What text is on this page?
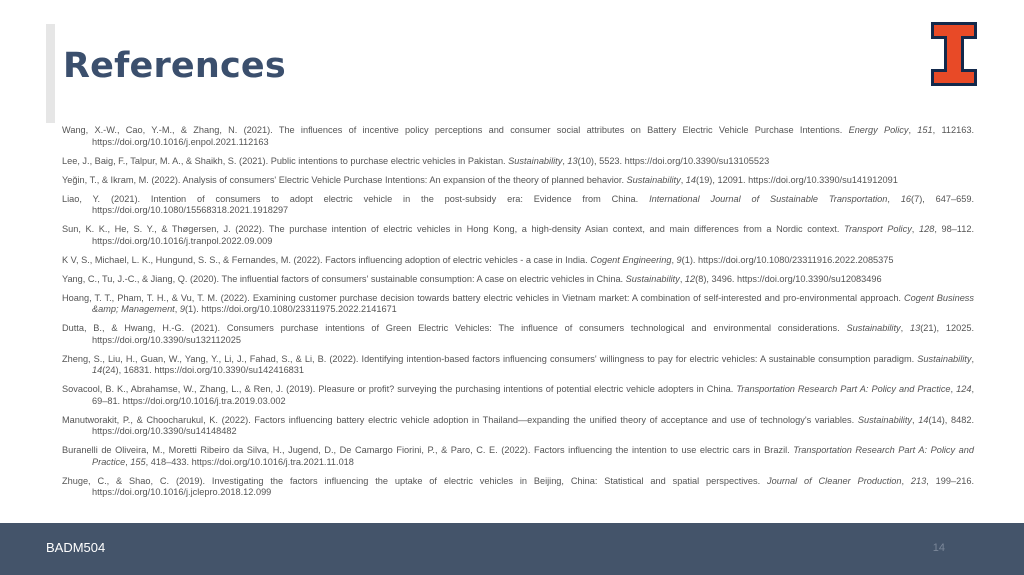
References

Wang, X.-W., Cao, Y.-M., & Zhang, N. (2021). The influences of incentive policy perceptions and consumer social attributes on Battery Electric Vehicle Purchase Intentions. Energy Policy, 151, 112163. https://doi.org/10.1016/j.enpol.2021.112163

Lee, J., Baig, F., Talpur, M. A., & Shaikh, S. (2021). Public intentions to purchase electric vehicles in Pakistan. Sustainability, 13(10), 5523. https://doi.org/10.3390/su13105523

Yeğin, T., & Ikram, M. (2022). Analysis of consumers' Electric Vehicle Purchase Intentions: An expansion of the theory of planned behavior. Sustainability, 14(19), 12091. https://doi.org/10.3390/su141912091

Liao, Y. (2021). Intention of consumers to adopt electric vehicle in the post-subsidy era: Evidence from China. International Journal of Sustainable Transportation, 16(7), 647–659. https://doi.org/10.1080/15568318.2021.1918297

Sun, K. K., He, S. Y., & Thøgersen, J. (2022). The purchase intention of electric vehicles in Hong Kong, a high-density Asian context, and main differences from a Nordic context. Transport Policy, 128, 98–112. https://doi.org/10.1016/j.tranpol.2022.09.009

K V, S., Michael, L. K., Hungund, S. S., & Fernandes, M. (2022). Factors influencing adoption of electric vehicles - a case in India. Cogent Engineering, 9(1). https://doi.org/10.1080/23311916.2022.2085375

Yang, C., Tu, J.-C., & Jiang, Q. (2020). The influential factors of consumers' sustainable consumption: A case on electric vehicles in China. Sustainability, 12(8), 3496. https://doi.org/10.3390/su12083496

Hoang, T. T., Pham, T. H., & Vu, T. M. (2022). Examining customer purchase decision towards battery electric vehicles in Vietnam market: A combination of self-interested and pro-environmental approach. Cogent Business &amp; Management, 9(1). https://doi.org/10.1080/23311975.2022.2141671

Dutta, B., & Hwang, H.-G. (2021). Consumers purchase intentions of Green Electric Vehicles: The influence of consumers technological and environmental considerations. Sustainability, 13(21), 12025. https://doi.org/10.3390/su132112025

Zheng, S., Liu, H., Guan, W., Yang, Y., Li, J., Fahad, S., & Li, B. (2022). Identifying intention-based factors influencing consumers' willingness to pay for electric vehicles: A sustainable consumption paradigm. Sustainability, 14(24), 16831. https://doi.org/10.3390/su142416831

Sovacool, B. K., Abrahamse, W., Zhang, L., & Ren, J. (2019). Pleasure or profit? surveying the purchasing intentions of potential electric vehicle adopters in China. Transportation Research Part A: Policy and Practice, 124, 69–81. https://doi.org/10.1016/j.tra.2019.03.002

Manutworakit, P., & Choocharukul, K. (2022). Factors influencing battery electric vehicle adoption in Thailand—expanding the unified theory of acceptance and use of technology's variables. Sustainability, 14(14), 8482. https://doi.org/10.3390/su14148482

Buranelli de Oliveira, M., Moretti Ribeiro da Silva, H., Jugend, D., De Camargo Fiorini, P., & Paro, C. E. (2022). Factors influencing the intention to use electric cars in Brazil. Transportation Research Part A: Policy and Practice, 155, 418–433. https://doi.org/10.1016/j.tra.2021.11.018

Zhuge, C., & Shao, C. (2019). Investigating the factors influencing the uptake of electric vehicles in Beijing, China: Statistical and spatial perspectives. Journal of Cleaner Production, 213, 199–216. https://doi.org/10.1016/j.jclepro.2018.12.099

BADM504	14
